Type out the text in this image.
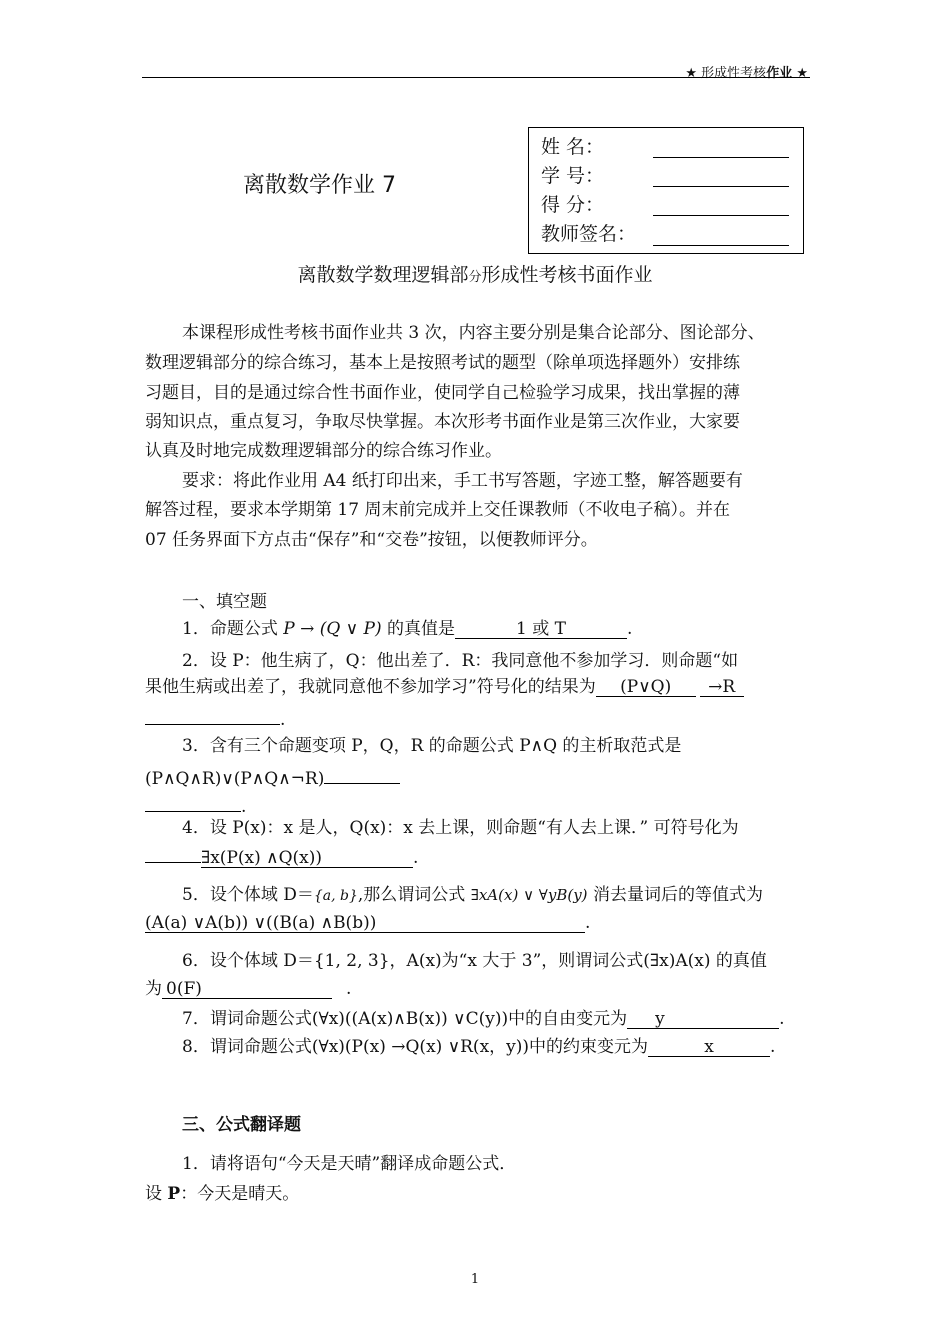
★ 形成性考核作业 ★
离散数学作业 7
姓 名：
学 号：
得 分：
教师签名：
离散数学数理逻辑部分形成性考核书面作业
本课程形成性考核书面作业共 3 次，内容主要分别是集合论部分、图论部分、
数理逻辑部分的综合练习，基本上是按照考试的题型（除单项选择题外）安排练
习题目，目的是通过综合性书面作业，使同学自己检验学习成果，找出掌握的薄
弱知识点，重点复习，争取尽快掌握。本次形考书面作业是第三次作业，大家要
认真及时地完成数理逻辑部分的综合练习作业。
要求：将此作业用 A4 纸打印出来，手工书写答题，字迹工整，解答题要有
解答过程，要求本学期第 17 周末前完成并上交任课教师（不收电子稿）。并在
07 任务界面下方点击“保存”和“交卷”按钮，以便教师评分。
一、填空题
1．命题公式 P → (Q ∨ P) 的真值是	1 或 T	.
2．设 P：他生病了，Q：他出差了．R：我同意他不参加学习．则命题“如
果他生病或出差了，我就同意他不参加学习”符号化的结果为 (P∨Q) →R
.
3．含有三个命题变项 P，Q，R 的命题公式 P∧Q 的主析取范式是
(P∧Q∧R)∨(P∧Q∧¬R)
.
4．设 P(x)：x 是人，Q(x)：x 去上课，则命题“有人去上课．” 可符号化为
∃x(P(x) ∧Q(x))	.
5．设个体域 D＝{a, b},那么谓词公式 ∃xA(x) ∨ ∀yB(y) 消去量词后的等值式为
(A(a) ∨A(b)) ∨((B(a) ∧B(b))	.
6．设个体域 D＝{1, 2, 3}，A(x)为“x 大于 3”，则谓词公式(∃x)A(x) 的真值
为 0(F)	.
7．谓词命题公式(∀x)((A(x)∧B(x)) ∨C(y))中的自由变元为 y	.
8．谓词命题公式(∀x)(P(x) →Q(x) ∨R(x，y))中的约束变元为	x	.
三、公式翻译题
1．请将语句“今天是天晴”翻译成命题公式．
设 P：今天是晴天。
1
